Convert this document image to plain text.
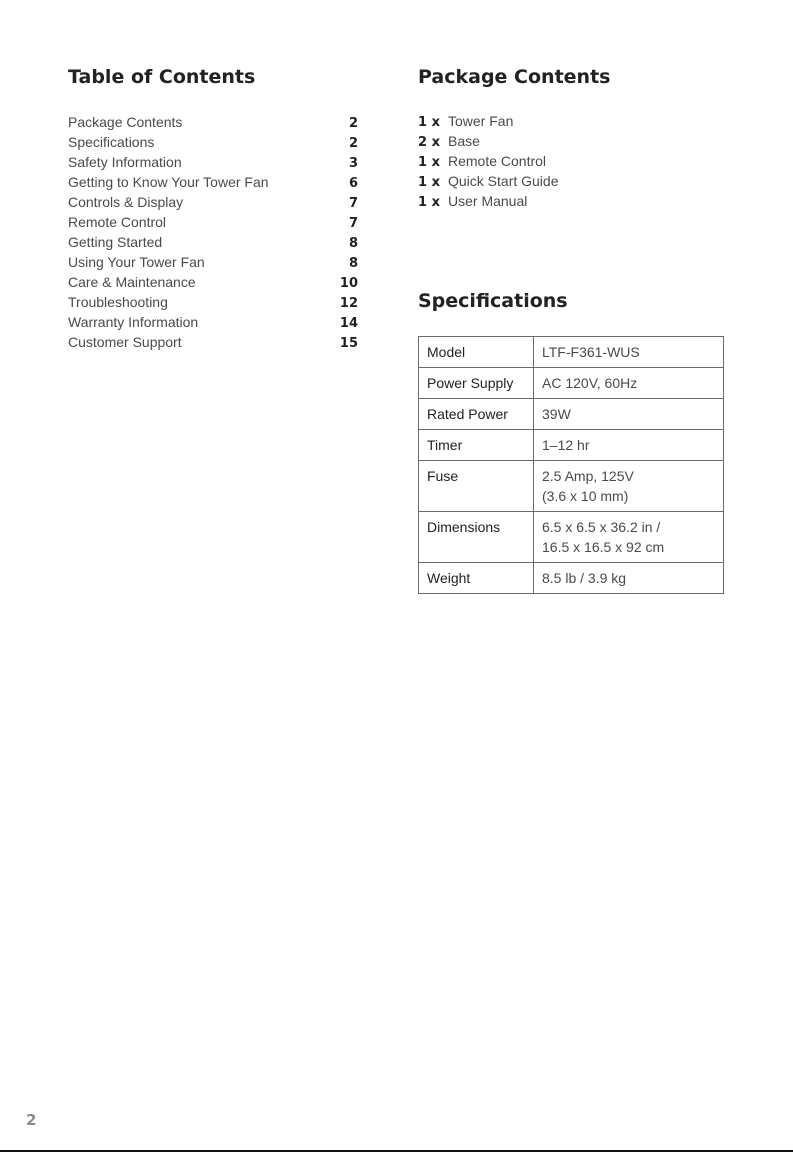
Table of Contents
Package Contents	2
Specifications	2
Safety Information	3
Getting to Know Your Tower Fan	6
Controls & Display	7
Remote Control	7
Getting Started	8
Using Your Tower Fan	8
Care & Maintenance	10
Troubleshooting	12
Warranty Information	14
Customer Support	15
Package Contents
1 x Tower Fan
2 x Base
1 x Remote Control
1 x Quick Start Guide
1 x User Manual
Specifications
Model	LTF-F361-WUS
Power Supply	AC 120V, 60Hz
Rated Power	39W
Timer	1–12 hr
Fuse	2.5 Amp, 125V
(3.6 x 10 mm)
Dimensions	6.5 x 6.5 x 36.2 in /
16.5 x 16.5 x 92 cm
Weight	8.5 lb / 3.9 kg
2
